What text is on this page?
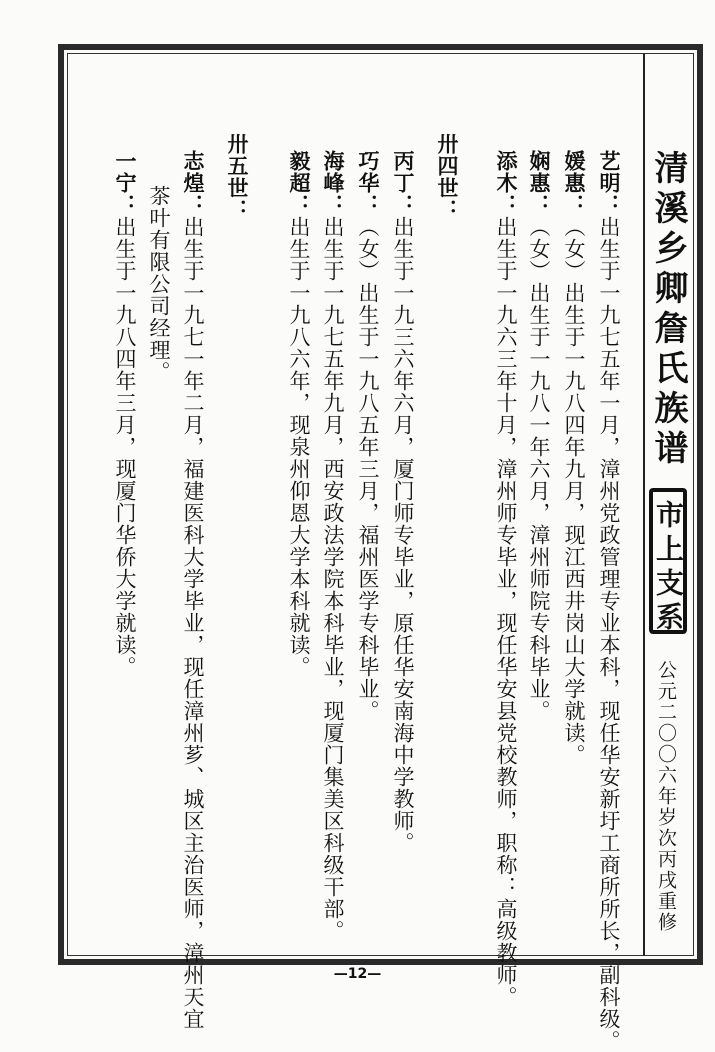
清溪乡卿詹氏族谱
市上支系
公元二〇〇六年岁次丙戌重修
艺明：出生于一九七五年一月，漳州党政管理专业本科，现任华安新圩工商所所长，副科级。
媛惠：（女）出生于一九八四年九月，现江西井岗山大学就读。
娴惠：（女）出生于一九八一年六月，漳州师院专科毕业。
添木：出生于一九六三年十月，漳州师专毕业，现任华安县党校教师，职称：高级教师。
卅四世：
丙丁：出生于一九三六年六月，厦门师专毕业，原任华安南海中学教师。
巧华：（女）出生于一九八五年三月，福州医学专科毕业。
海峰：出生于一九七五年九月，西安政法学院本科毕业，现厦门集美区科级干部。
毅超：出生于一九八六年，现泉州仰恩大学本科就读。
卅五世：
志煌：出生于一九七一年二月，福建医科大学毕业，现任漳州芗、城区主治医师，漳州天宜
茶叶有限公司经理。
一宁：出生于一九八四年三月，现厦门华侨大学就读。
—12—
